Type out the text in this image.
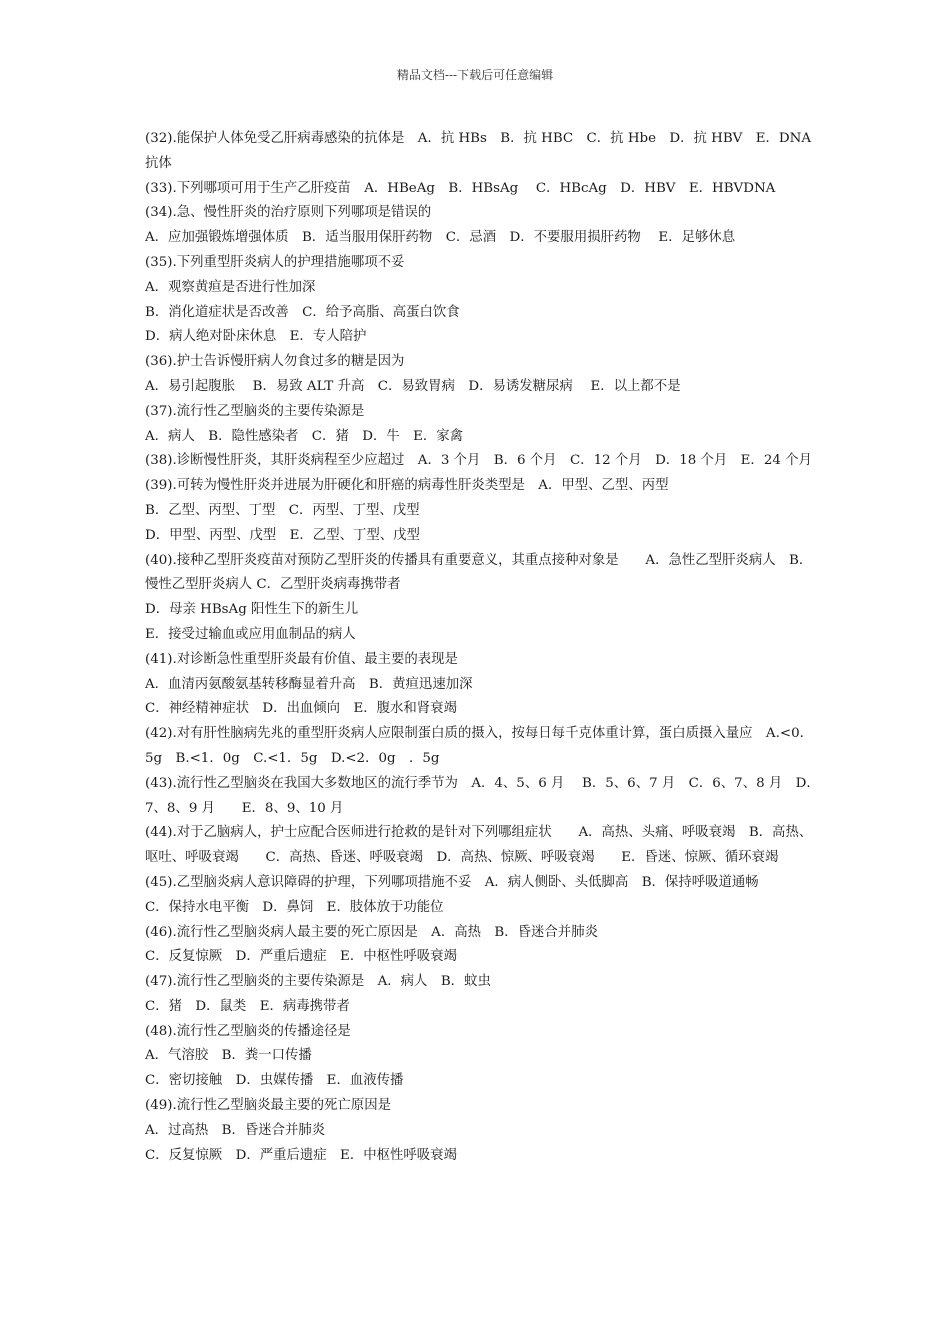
精品文档---下载后可任意编辑
(32).能保护人体免受乙肝病毒感染的抗体是　A．抗 HBs　B．抗 HBC　C．抗 Hbe　D．抗 HBV　E．DNA 抗体
(33).下列哪项可用于生产乙肝疫苗　A．HBeAg　B．HBsAg　 C．HBcAg　D．HBV　E．HBVDNA
(34).急、慢性肝炎的治疗原则下列哪项是错误的
A．应加强锻炼增强体质　B．适当服用保肝药物　C．忌酒　D．不要服用损肝药物　 E．足够休息
(35).下列重型肝炎病人的护理措施哪项不妥
A．观察黄疸是否进行性加深
B．消化道症状是否改善　C．给予高脂、高蛋白饮食
D．病人绝对卧床休息　E．专人陪护
(36).护士告诉慢肝病人勿食过多的糖是因为
A．易引起腹胀　 B．易致 ALT 升高　C．易致胃病　D．易诱发糖尿病　 E．以上都不是
(37).流行性乙型脑炎的主要传染源是
A．病人　B．隐性感染者　C．猪　D．牛　E．家禽
(38).诊断慢性肝炎，其肝炎病程至少应超过　A．3 个月　B．6 个月　C．12 个月　D．18 个月　E．24 个月
(39).可转为慢性肝炎并进展为肝硬化和肝癌的病毒性肝炎类型是　A．甲型、乙型、丙型
B．乙型、丙型、丁型　C．丙型、丁型、戊型
D．甲型、丙型、戊型　E．乙型、丁型、戊型
(40).接种乙型肝炎疫苗对预防乙型肝炎的传播具有重要意义，其重点接种对象是　　A．急性乙型肝炎病人　B．慢性乙型肝炎病人 C．乙型肝炎病毒携带者
D．母亲 HBsAg 阳性生下的新生儿
E．接受过输血或应用血制品的病人
(41).对诊断急性重型肝炎最有价值、最主要的表现是
A．血清丙氨酸氨基转移酶显着升高　B．黄疸迅速加深
C．神经精神症状　D．出血倾向　E．腹水和肾衰竭
(42).对有肝性脑病先兆的重型肝炎病人应限制蛋白质的摄入，按每日每千克体重计算，蛋白质摄入量应　A.<0．5g　B.<1．0g　C.<1．5g　D.<2．0g　．5g
(43).流行性乙型脑炎在我国大多数地区的流行季节为　A．4、5、6 月　 B．5、6、7 月　C．6、7、8 月　D．7、8、9 月　　E．8、9、10 月
(44).对于乙脑病人，护士应配合医师进行抢救的是针对下列哪组症状　　A．高热、头痛、呼吸衰竭　B．高热、呕吐、呼吸衰竭　　C．高热、昏迷、呼吸衰竭　D．高热、惊厥、呼吸衰竭　　E．昏迷、惊厥、循环衰竭
(45).乙型脑炎病人意识障碍的护理，下列哪项措施不妥　A．病人侧卧、头低脚高　B．保持呼吸道通畅
C．保持水电平衡　D．鼻饲　E．肢体放于功能位
(46).流行性乙型脑炎病人最主要的死亡原因是　A．高热　B．昏迷合并肺炎
C．反复惊厥　D．严重后遗症　E．中枢性呼吸衰竭
(47).流行性乙型脑炎的主要传染源是　A．病人　B．蚊虫
C．猪　D．鼠类　E．病毒携带者
(48).流行性乙型脑炎的传播途径是
A．气溶胶　B．粪一口传播
C．密切接触　D．虫媒传播　E．血液传播
(49).流行性乙型脑炎最主要的死亡原因是
A．过高热　B．昏迷合并肺炎
C．反复惊厥　D．严重后遗症　E．中枢性呼吸衰竭
